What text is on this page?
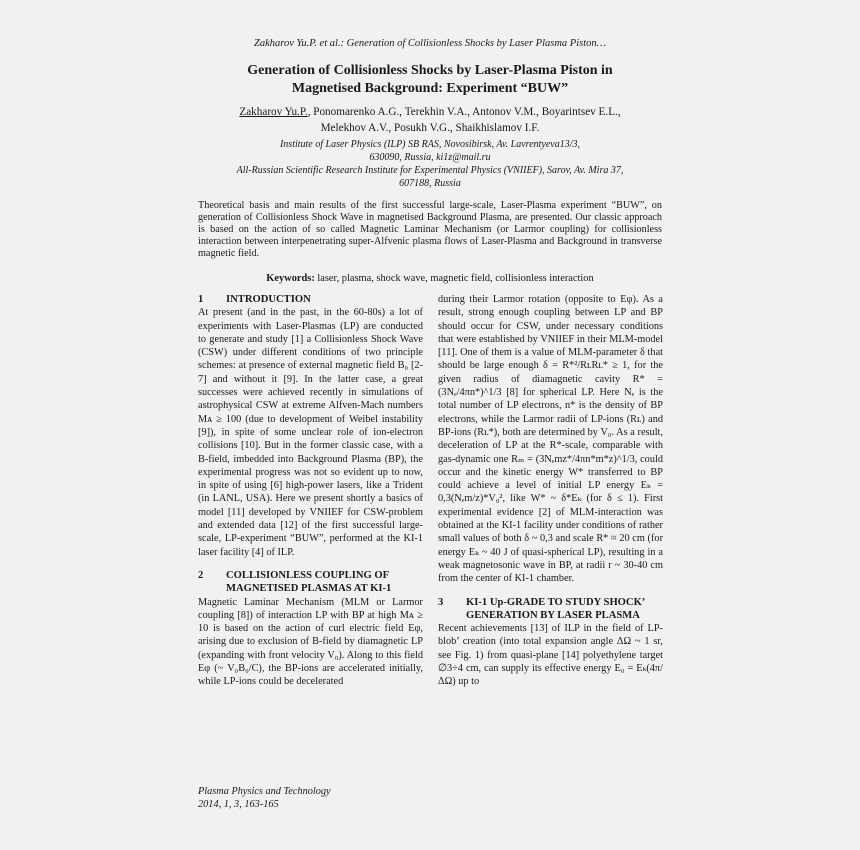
Zakharov Yu.P. et al.: Generation of Collisionless Shocks by Laser Plasma Piston…
Generation of Collisionless Shocks by Laser-Plasma Piston in
Magnetised Background: Experiment “BUW”
Zakharov Yu.P., Ponomarenko A.G., Terekhin V.A., Antonov V.M., Boyarintsev E.L.,
Melekhov A.V., Posukh V.G., Shaikhislamov I.F.
Institute of Laser Physics (ILP) SB RAS, Novosibirsk, Av. Lavrentyeva13/3,
630090, Russia, ki1z@mail.ru
All-Russian Scientific Research Institute for Experimental Physics (VNIIEF), Sarov, Av. Mira 37,
607188, Russia
Theoretical basis and main results of the first successful large-scale, Laser-Plasma experiment “BUW”, on generation of Collisionless Shock Wave in magnetised Background Plasma, are presented. Our classic approach is based on the action of so called Magnetic Laminar Mechanism (or Larmor coupling) for collisionless interaction between interpenetrating super-Alfvenic plasma flows of Laser-Plasma and Background in transverse magnetic field.
Keywords: laser, plasma, shock wave, magnetic field, collisionless interaction
1	INTRODUCTION

At present (and in the past, in the 60-80s) a lot of experiments with Laser-Plasmas (LP) are conducted to generate and study [1] a Collisionless Shock Wave (CSW) under different conditions of two principle schemes: at presence of external magnetic field B₀ [2-7] and without it [9]. In the latter case, a great successes were achieved recently in simulations of astrophysical CSW at extreme Alfven-Mach numbers Mᴀ ≥ 100 (due to development of Weibel instability [9]), in spite of some unclear role of ion-electron collisions [10]. But in the former classic case, with a B-field, imbedded into Background Plasma (BP), the experimental progress was not so evident up to now, in spite of using [6] high-power lasers, like a Trident (in LANL, USA). Here we present shortly a basics of model [11] developed by VNIIEF for CSW-problem and extended data [12] of the first successful large-scale, LP-experiment “BUW”, performed at the KI-1 laser facility [4] of ILP.

2	COLLISIONLESS COUPLING OF MAGNETISED PLASMAS AT KI-1

Magnetic Laminar Mechanism (MLM or Larmor coupling [8]) of interaction LP with BP at high Mᴀ ≥ 10 is based on the action of curl electric field Eφ, arising due to exclusion of B-field by diamagnetic LP (expanding with front velocity V₀). Along to this field Eφ (~ V₀B₀/C), the BP-ions are accelerated initially, while LP-ions could be decelerated

during their Larmor rotation (opposite to Eφ). As a result, strong enough coupling between LP and BP should occur for CSW, under necessary conditions that were established by VNIIEF in their MLM-model [11]. One of them is a value of MLM-parameter δ that should be large enough δ = R*²/RʟRʟ* ≥ 1, for the given radius of diamagnetic cavity R* = (3Nₑ/4πn*)^1/3 [8] for spherical LP. Here Nₑ is the total number of LP electrons, n* is the density of BP electrons, while the Larmor radii of LP-ions (Rʟ) and BP-ions (Rʟ*), both are determined by V₀. As a result, deceleration of LP at the R*-scale, comparable with gas-dynamic one Rₘ = (3Nₑmz*/4πn*m*z)^1/3, could occur and the kinetic energy W* transferred to BP could achieve a level of initial LP energy Eₖ = 0,3(Nₑm/z)*V₀², like W* ~ δ*Eₖ (for δ ≤ 1). First experimental evidence [2] of MLM-interaction was obtained at the KI-1 facility under conditions of rather small values of both δ ~ 0,3 and scale R* ≈ 20 cm (for energy Eₖ ~ 40 J of quasi-spherical LP), resulting in a weak magnetosonic wave in BP, at radii r ~ 30-40 cm from the center of KI-1 chamber.

3	KI-1 Up-GRADE TO STUDY SHOCK’ GENERATION BY LASER PLASMA

Recent achievements [13] of ILP in the field of LP-blob’ creation (into total expansion angle ΔΩ ~ 1 sr, see Fig. 1) from quasi-plane [14] polyethylene target ∅3÷4 cm, can supply its effective energy E₀ = Eₖ(4π/ΔΩ) up to

Plasma Physics and Technology
2014, 1, 3, 163-165
